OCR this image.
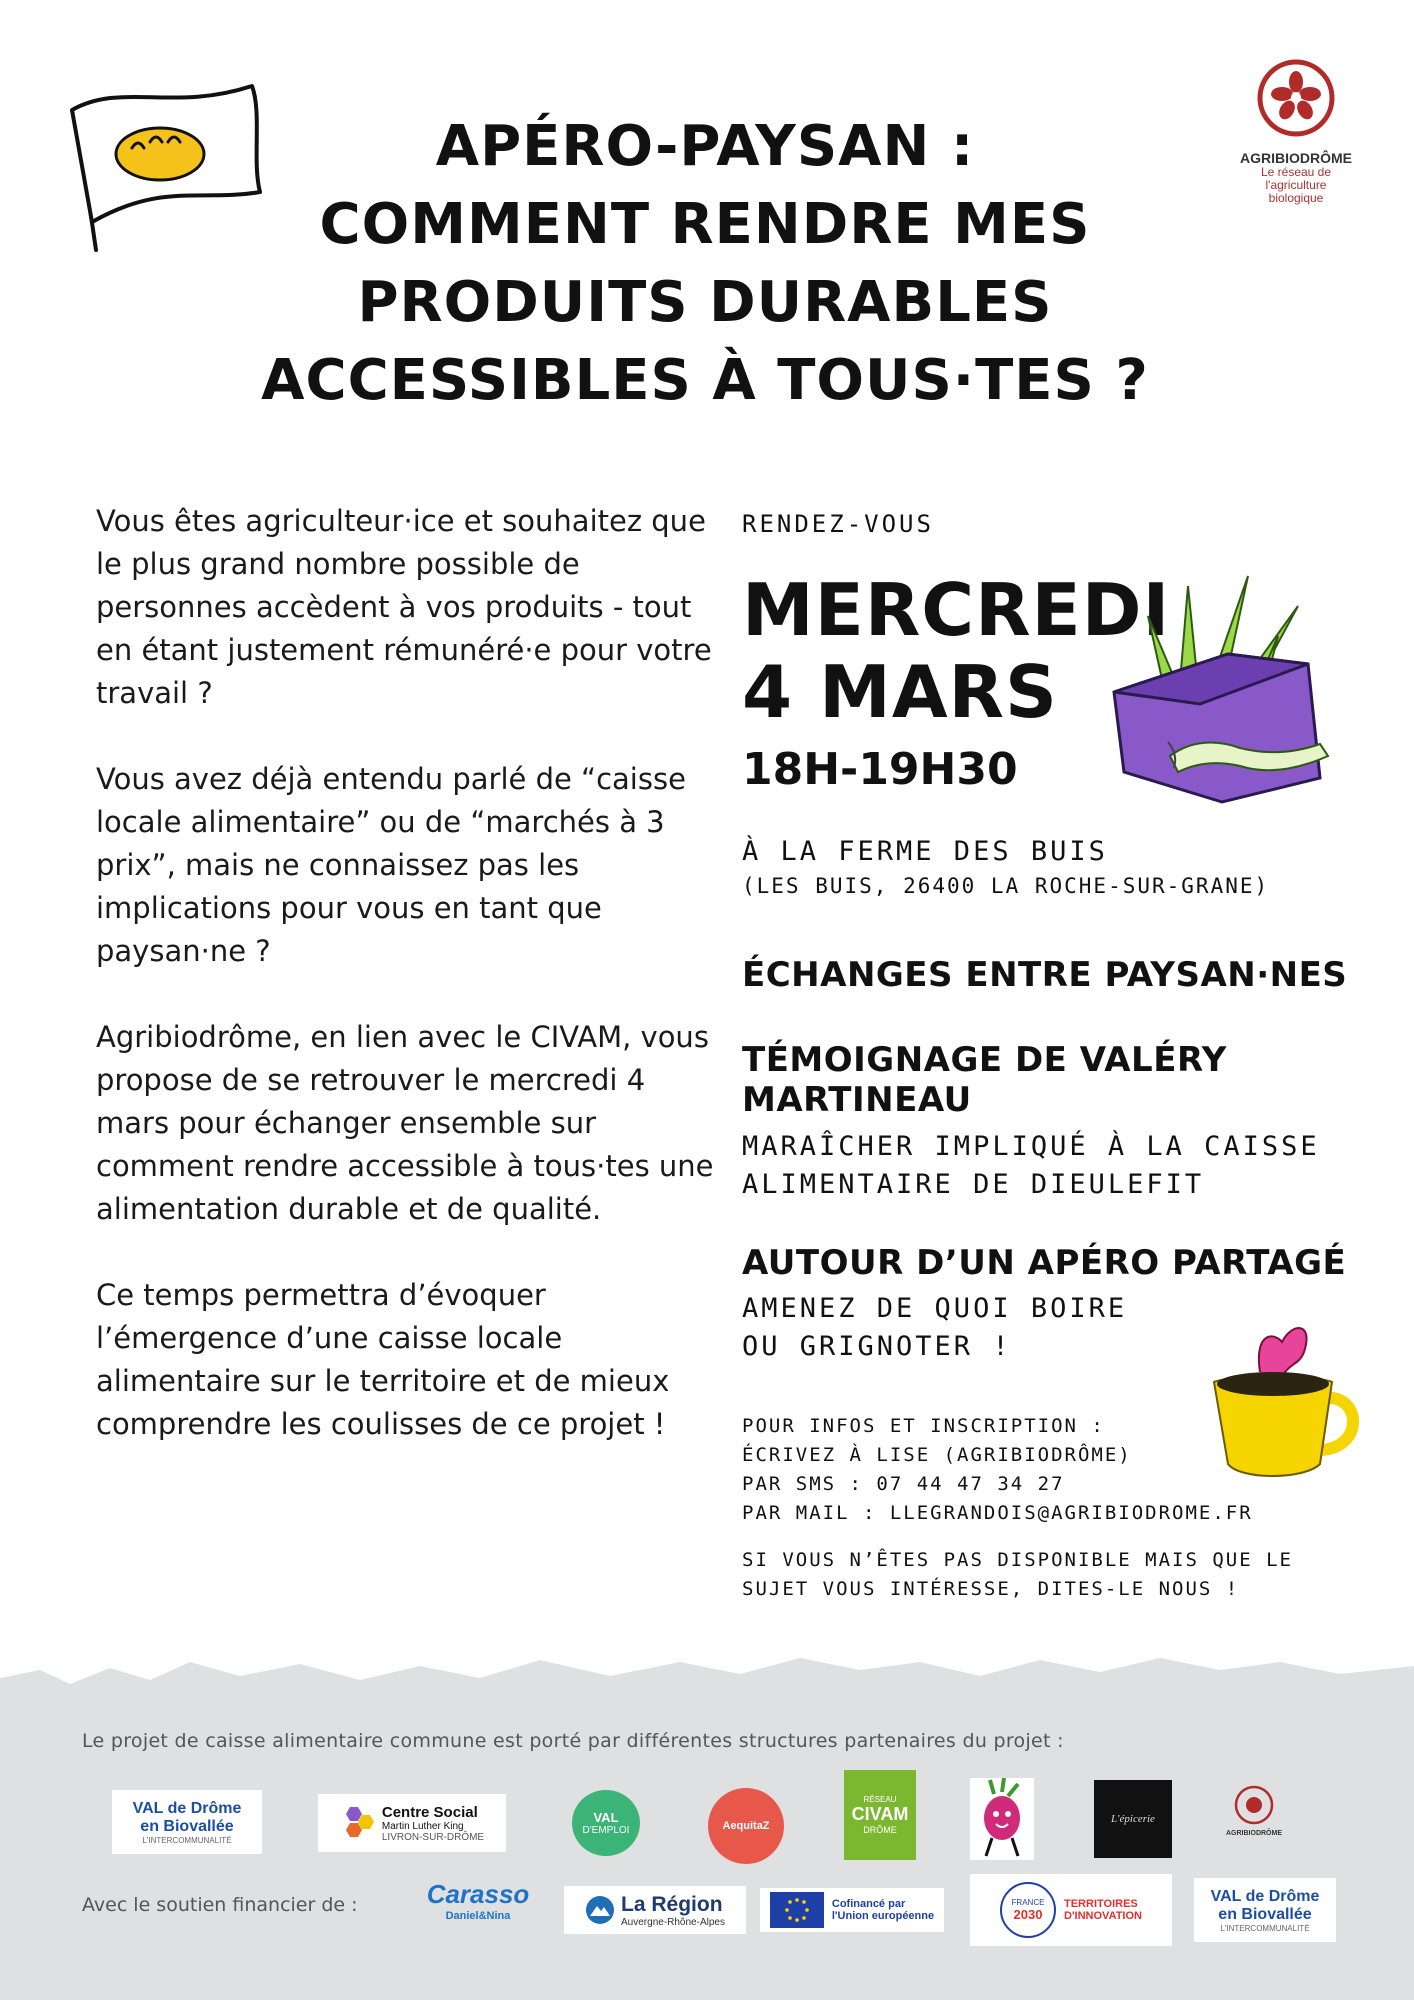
APÉRO-PAYSAN :
COMMENT RENDRE MES
PRODUITS DURABLES
ACCESSIBLES À TOUS·TES ?
AGRIBIODRÔME
Le réseau de
l'agriculture
biologique

Vous êtes agriculteur·ice et souhaitez que le plus grand nombre possible de personnes accèdent à vos produits - tout en étant justement rémunéré·e pour votre travail ?

Vous avez déjà entendu parlé de “caisse locale alimentaire” ou de “marchés à 3 prix”, mais ne connaissez pas les implications pour vous en tant que paysan·ne ?

Agribiodrôme, en lien avec le CIVAM, vous propose de se retrouver le mercredi 4 mars pour échanger ensemble sur comment rendre accessible à tous·tes une alimentation durable et de qualité.

Ce temps permettra d’évoquer l’émergence d’une caisse locale alimentaire sur le territoire et de mieux comprendre les coulisses de ce projet !

RENDEZ-VOUS
MERCREDI
4 MARS
18H-19H30
À LA FERME DES BUIS
(LES BUIS, 26400 LA ROCHE-SUR-GRANE)
ÉCHANGES ENTRE PAYSAN·NES
TÉMOIGNAGE DE VALÉRY MARTINEAU
MARAÎCHER IMPLIQUÉ À LA CAISSE ALIMENTAIRE DE DIEULEFIT
AUTOUR D’UN APÉRO PARTAGÉ
AMENEZ DE QUOI BOIRE OU GRIGNOTER !
POUR INFOS ET INSCRIPTION :
ÉCRIVEZ À LISE (AGRIBIODRÔME)
PAR SMS : 07 44 47 34 27
PAR MAIL : LLEGRANDOIS@AGRIBIODROME.FR
SI VOUS N’ÊTES PAS DISPONIBLE MAIS QUE LE SUJET VOUS INTÉRESSE, DITES-LE NOUS !
Le projet de caisse alimentaire commune est porté par différentes structures partenaires du projet :
VAL de Drôme
en Biovallée
L'INTERCOMMUNALITÉ
Centre Social
Martin Luther King
LIVRON-SUR-DRÔME
VAL
D'EMPLOI	AequitaZ
RÉSEAU
CIVAM
DRÔME
L'épicerie
AGRIBIODRÔME
Avec le soutien financier de :	Carasso
Daniel&Nina	La Région
Auvergne-Rhône-Alpes
Cofinancé par
l'Union européenne
FRANCE
2030
TERRITOIRES
D'INNOVATION
VAL de Drôme
en Biovallée
L'INTERCOMMUNALITÉ
